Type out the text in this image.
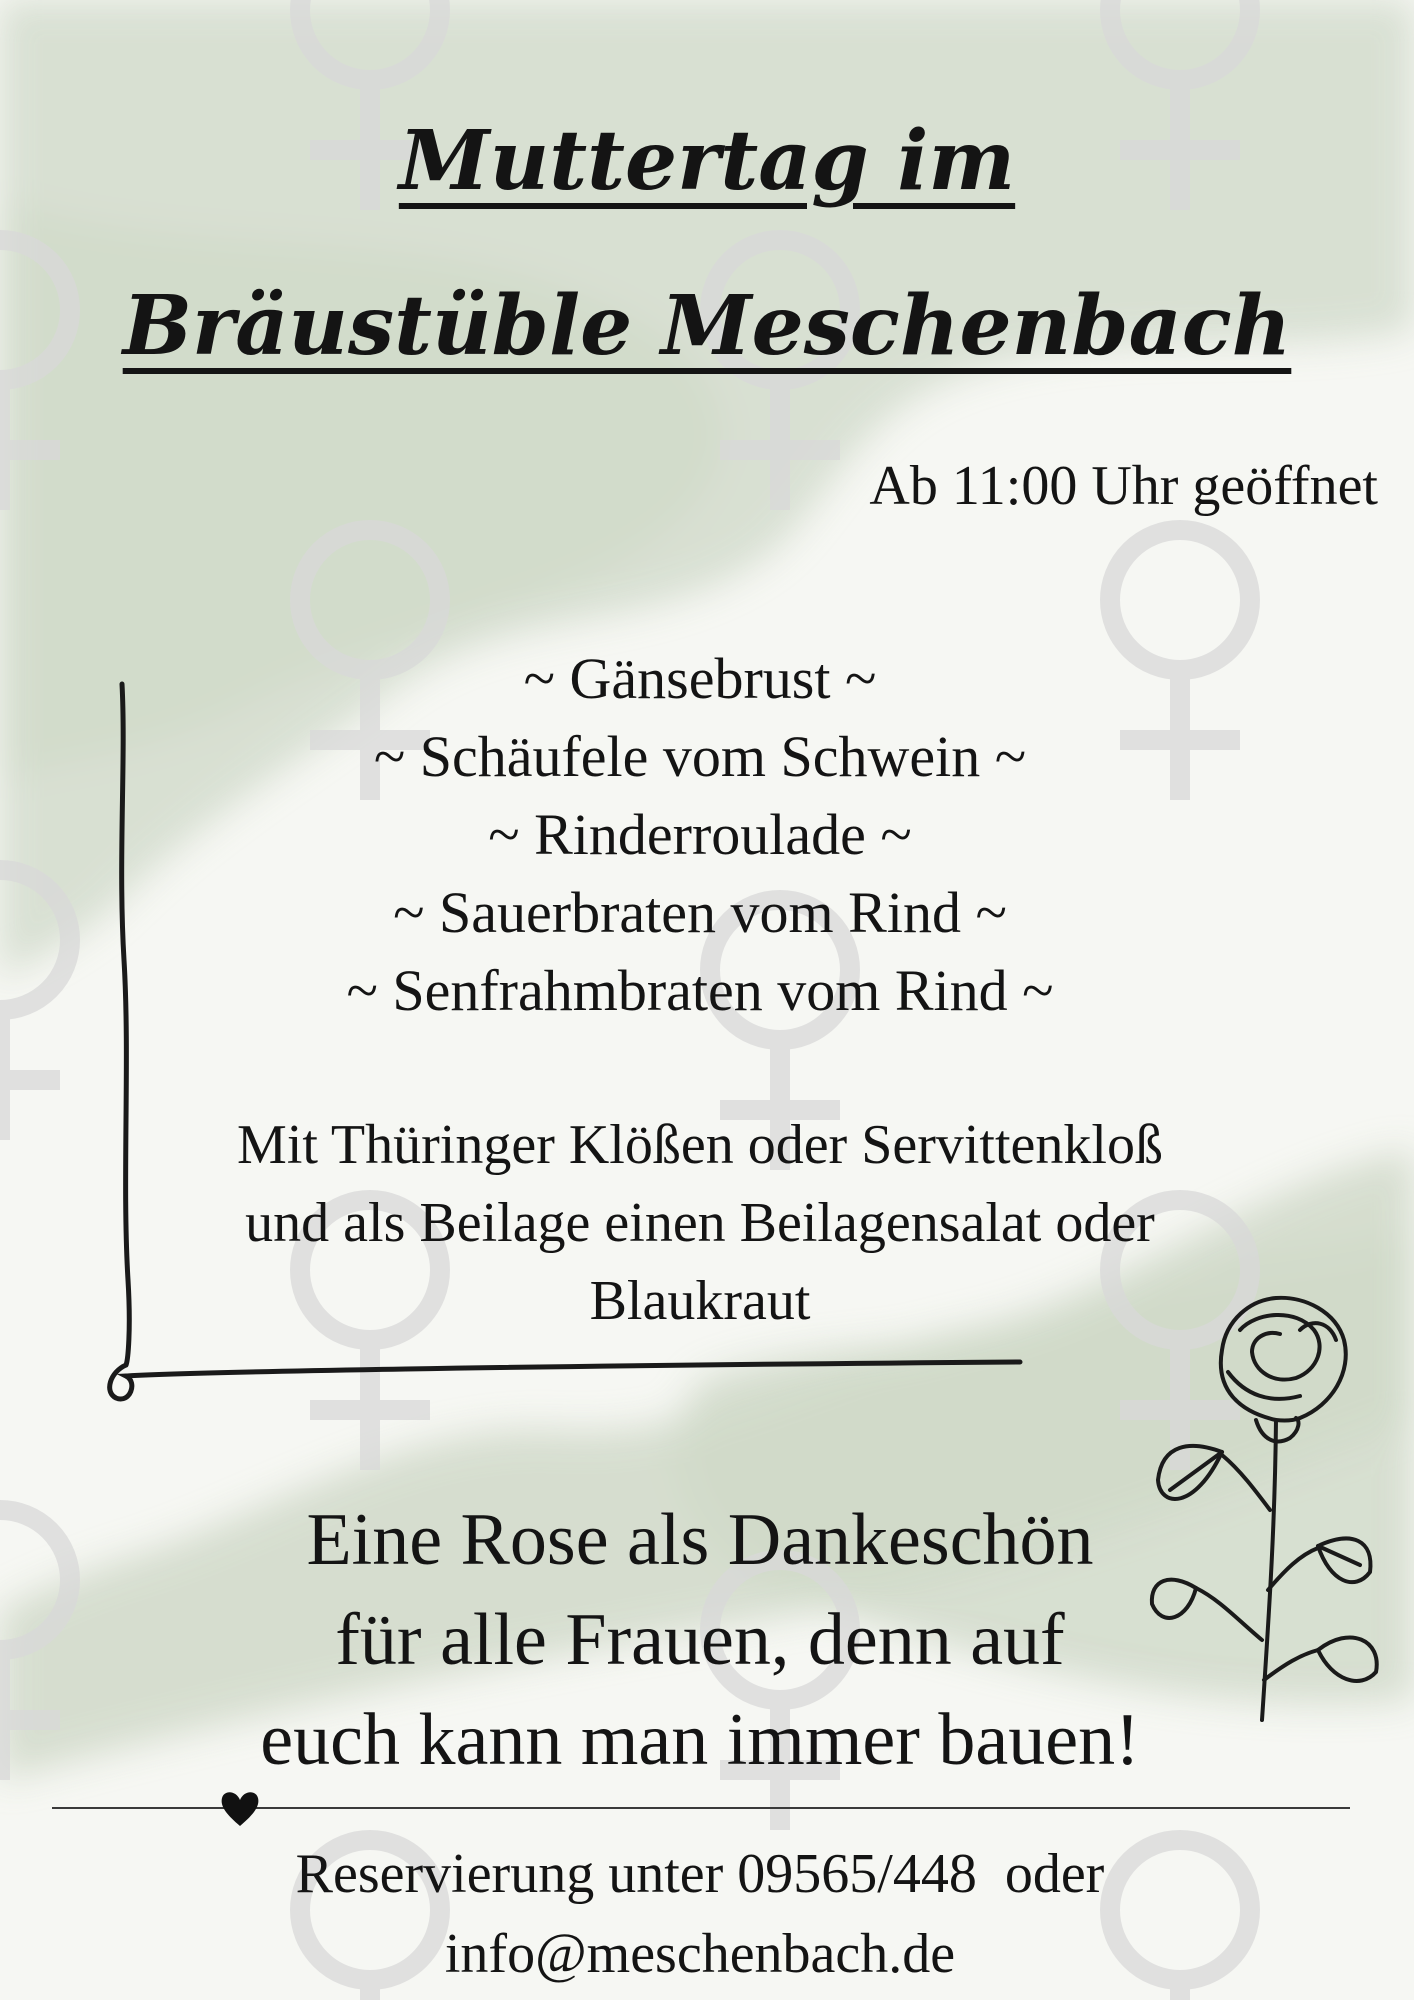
Muttertag im
Bräustüble Meschenbach
Ab 11:00 Uhr geöffnet
~ Gänsebrust ~
~ Schäufele vom Schwein ~
~ Rinderroulade ~
~ Sauerbraten vom Rind ~
~ Senfrahmbraten vom Rind ~
Mit Thüringer Klößen oder Servittenkloß
und als Beilage einen Beilagensalat oder
Blaukraut
Eine Rose als Dankeschön
für alle Frauen, denn auf
euch kann man immer bauen!
Reservierung unter 09565/448  oder
info@meschenbach.de
